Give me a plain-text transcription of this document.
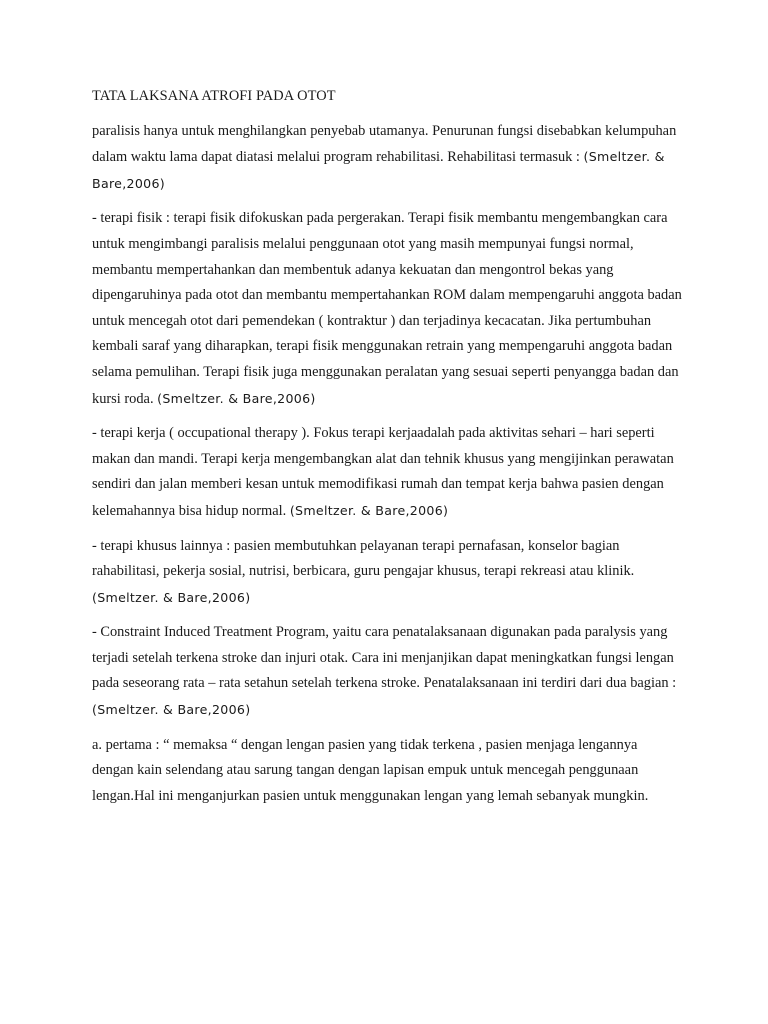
TATA LAKSANA ATROFI PADA OTOT

paralisis hanya untuk menghilangkan penyebab utamanya. Penurunan fungsi disebabkan kelumpuhan dalam waktu lama dapat diatasi melalui program rehabilitasi. Rehabilitasi termasuk : (Smeltzer. & Bare,2006)

- terapi fisik : terapi fisik difokuskan pada pergerakan. Terapi fisik membantu mengembangkan cara untuk mengimbangi paralisis melalui penggunaan otot yang masih mempunyai fungsi normal, membantu mempertahankan dan membentuk adanya kekuatan dan mengontrol bekas yang dipengaruhinya pada otot dan membantu mempertahankan ROM dalam mempengaruhi anggota badan untuk mencegah otot dari pemendekan ( kontraktur ) dan terjadinya kecacatan. Jika pertumbuhan kembali saraf yang diharapkan, terapi fisik menggunakan retrain yang mempengaruhi anggota badan selama pemulihan. Terapi fisik juga menggunakan peralatan yang sesuai seperti penyangga badan dan kursi roda. (Smeltzer. & Bare,2006)

- terapi kerja ( occupational therapy ). Fokus terapi kerjaadalah pada aktivitas sehari – hari seperti makan dan mandi. Terapi kerja mengembangkan alat dan tehnik khusus yang mengijinkan perawatan sendiri dan jalan memberi kesan untuk memodifikasi rumah dan tempat kerja bahwa pasien dengan kelemahannya bisa hidup normal. (Smeltzer. & Bare,2006)

- terapi khusus lainnya : pasien membutuhkan pelayanan terapi pernafasan, konselor bagian rahabilitasi, pekerja sosial, nutrisi, berbicara, guru pengajar khusus, terapi rekreasi atau klinik. (Smeltzer. & Bare,2006)

- Constraint Induced Treatment Program, yaitu cara penatalaksanaan digunakan pada paralysis yang terjadi setelah terkena stroke dan injuri otak. Cara ini menjanjikan dapat meningkatkan fungsi lengan pada seseorang rata – rata setahun setelah terkena stroke. Penatalaksanaan ini terdiri dari dua bagian : (Smeltzer. & Bare,2006)

a. pertama : “ memaksa “ dengan lengan pasien yang tidak terkena , pasien menjaga lengannya dengan kain selendang atau sarung tangan dengan lapisan empuk untuk mencegah penggunaan lengan.Hal ini menganjurkan pasien untuk menggunakan lengan yang lemah sebanyak mungkin.
